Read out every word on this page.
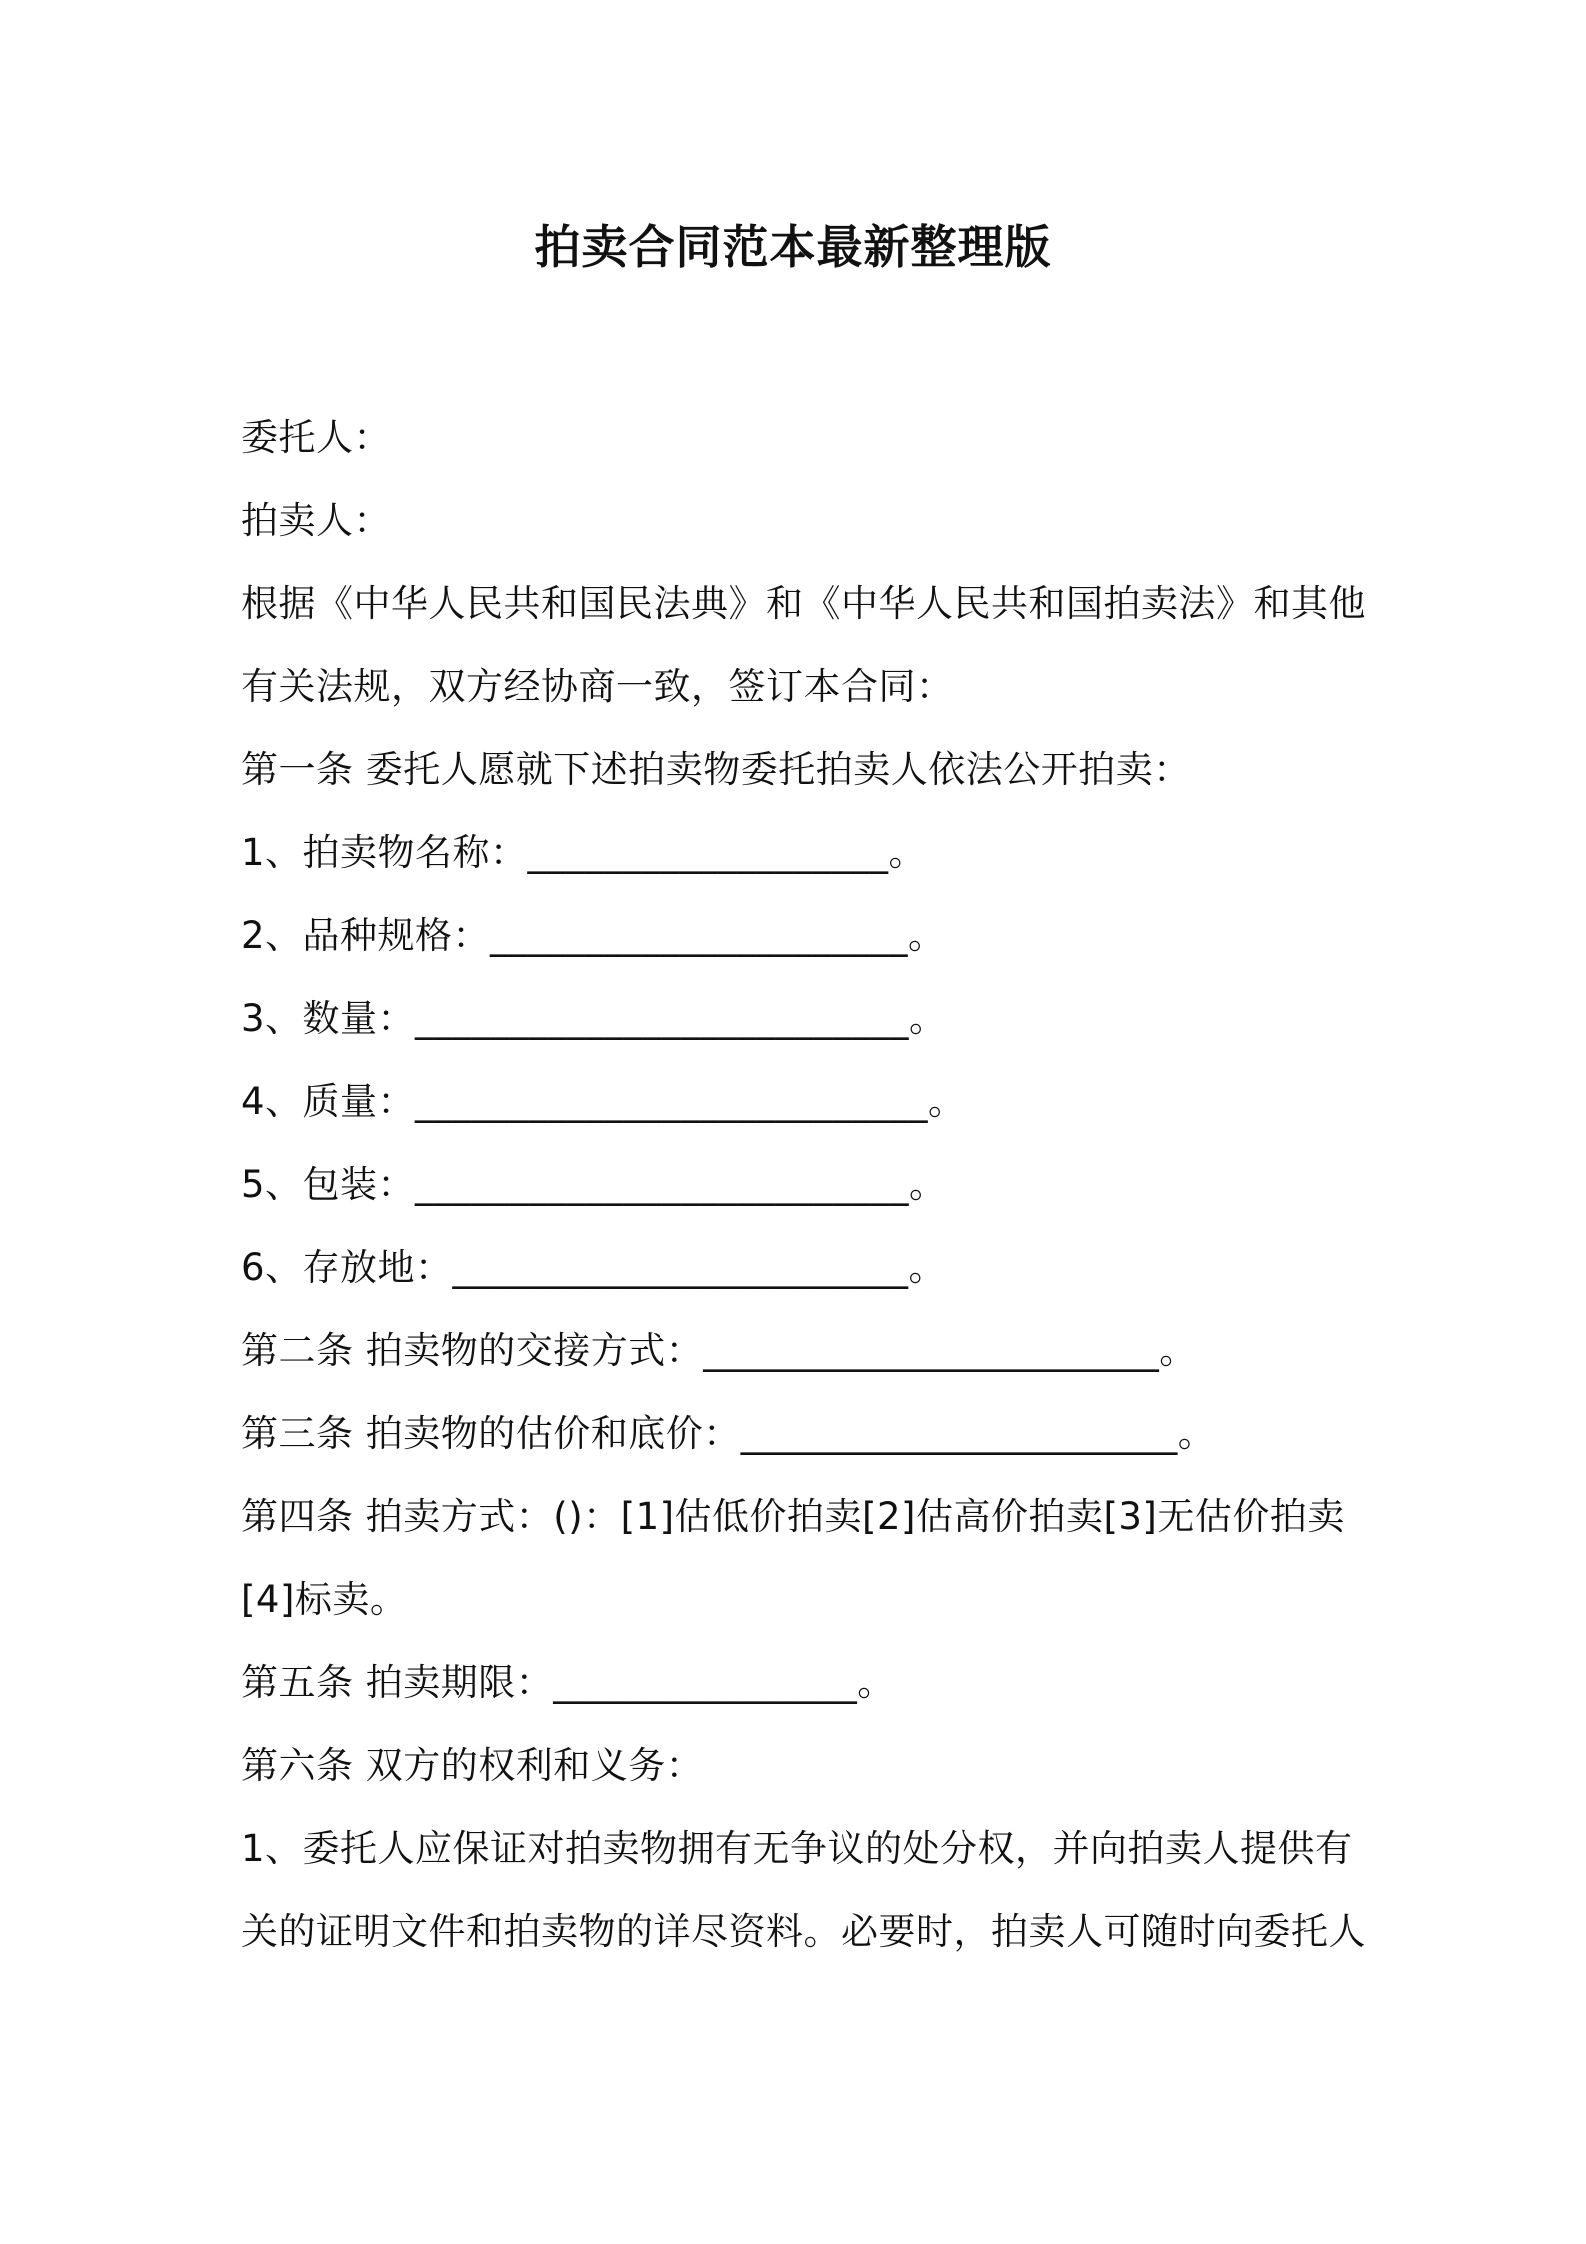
拍卖合同范本最新整理版
委托人：
拍卖人：
根据《中华人民共和国民法典》和《中华人民共和国拍卖法》和其他
有关法规，双方经协商一致，签订本合同：
第一条 委托人愿就下述拍卖物委托拍卖人依法公开拍卖：
1、拍卖物名称：___________________。
2、品种规格：______________________。
3、数量：__________________________。
4、质量：___________________________。
5、包装：__________________________。
6、存放地：________________________。
第二条 拍卖物的交接方式：________________________。
第三条 拍卖物的估价和底价：_______________________。
第四条 拍卖方式：()：[1]估低价拍卖[2]估高价拍卖[3]无估价拍卖
[4]标卖。
第五条 拍卖期限：________________。
第六条 双方的权利和义务：
1、委托人应保证对拍卖物拥有无争议的处分权，并向拍卖人提供有
关的证明文件和拍卖物的详尽资料。必要时，拍卖人可随时向委托人
